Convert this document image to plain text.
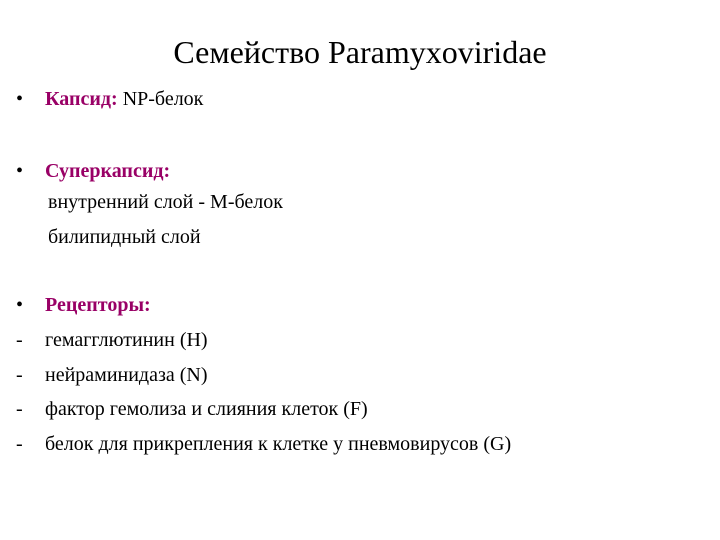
Семейство Paramyxoviridae
•	Капсид: NP-белок
•	Суперкапсид:
внутренний слой - М-белок
билипидный слой
•	Рецепторы:
-	гемагглютинин (H)
-	нейраминидаза (N)
-	фактор гемолиза и слияния клеток (F)
-	белок для прикрепления к клетке у пневмовирусов (G)
